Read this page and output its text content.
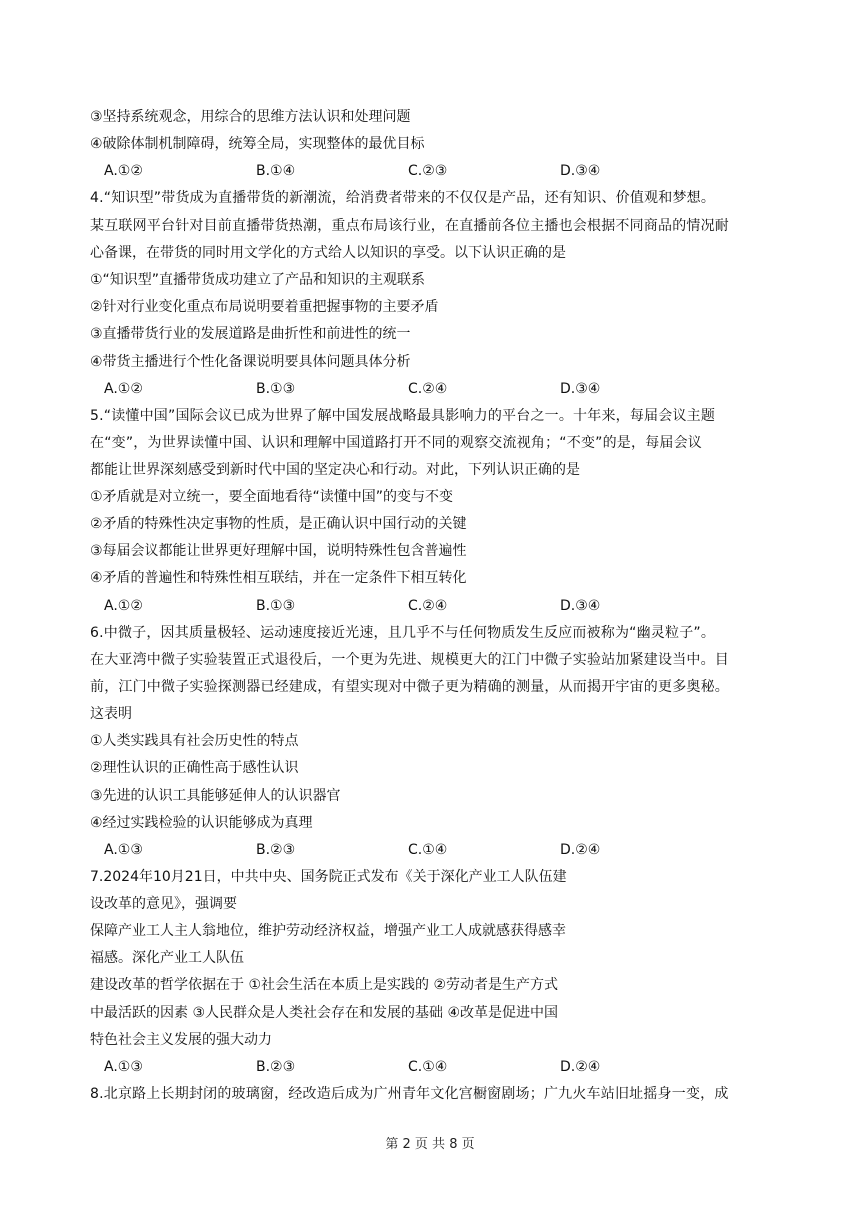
③坚持系统观念，用综合的思维方法认识和处理问题
④破除体制机制障碍，统筹全局，实现整体的最优目标
A.①②	B.①④	C.②③	D.③④
4.“知识型”带货成为直播带货的新潮流，给消费者带来的不仅仅是产品，还有知识、价值观和梦想。
某互联网平台针对目前直播带货热潮，重点布局该行业，在直播前各位主播也会根据不同商品的情况耐
心备课，在带货的同时用文学化的方式给人以知识的享受。以下认识正确的是
①“知识型”直播带货成功建立了产品和知识的主观联系
②针对行业变化重点布局说明要着重把握事物的主要矛盾
③直播带货行业的发展道路是曲折性和前进性的统一
④带货主播进行个性化备课说明要具体问题具体分析
A.①②	B.①③	C.②④	D.③④
5.“读懂中国”国际会议已成为世界了解中国发展战略最具影响力的平台之一。十年来，每届会议主题
在“变”，为世界读懂中国、认识和理解中国道路打开不同的观察交流视角；“不变”的是，每届会议
都能让世界深刻感受到新时代中国的坚定决心和行动。对此，下列认识正确的是
①矛盾就是对立统一，要全面地看待“读懂中国”的变与不变
②矛盾的特殊性决定事物的性质，是正确认识中国行动的关键
③每届会议都能让世界更好理解中国，说明特殊性包含普遍性
④矛盾的普遍性和特殊性相互联结，并在一定条件下相互转化
A.①②	B.①③	C.②④	D.③④
6.中微子，因其质量极轻、运动速度接近光速，且几乎不与任何物质发生反应而被称为“幽灵粒子”。
在大亚湾中微子实验装置正式退役后，一个更为先进、规模更大的江门中微子实验站加紧建设当中。目
前，江门中微子实验探测器已经建成，有望实现对中微子更为精确的测量，从而揭开宇宙的更多奥秘。
这表明
①人类实践具有社会历史性的特点
②理性认识的正确性高于感性认识
③先进的认识工具能够延伸人的认识器官
④经过实践检验的认识能够成为真理
A.①③	B.②③	C.①④	D.②④
7.2024年10月21日，中共中央、国务院正式发布《关于深化产业工人队伍建
设改革的意见》，强调要
保障产业工人主人翁地位，维护劳动经济权益，增强产业工人成就感获得感幸
福感。深化产业工人队伍
建设改革的哲学依据在于 ①社会生活在本质上是实践的 ②劳动者是生产方式
中最活跃的因素 ③人民群众是人类社会存在和发展的基础 ④改革是促进中国
特色社会主义发展的强大动力
A.①③	B.②③	C.①④	D.②④
8.北京路上长期封闭的玻璃窗，经改造后成为广州青年文化宫橱窗剧场；广九火车站旧址摇身一变，成
第 2 页 共 8 页
